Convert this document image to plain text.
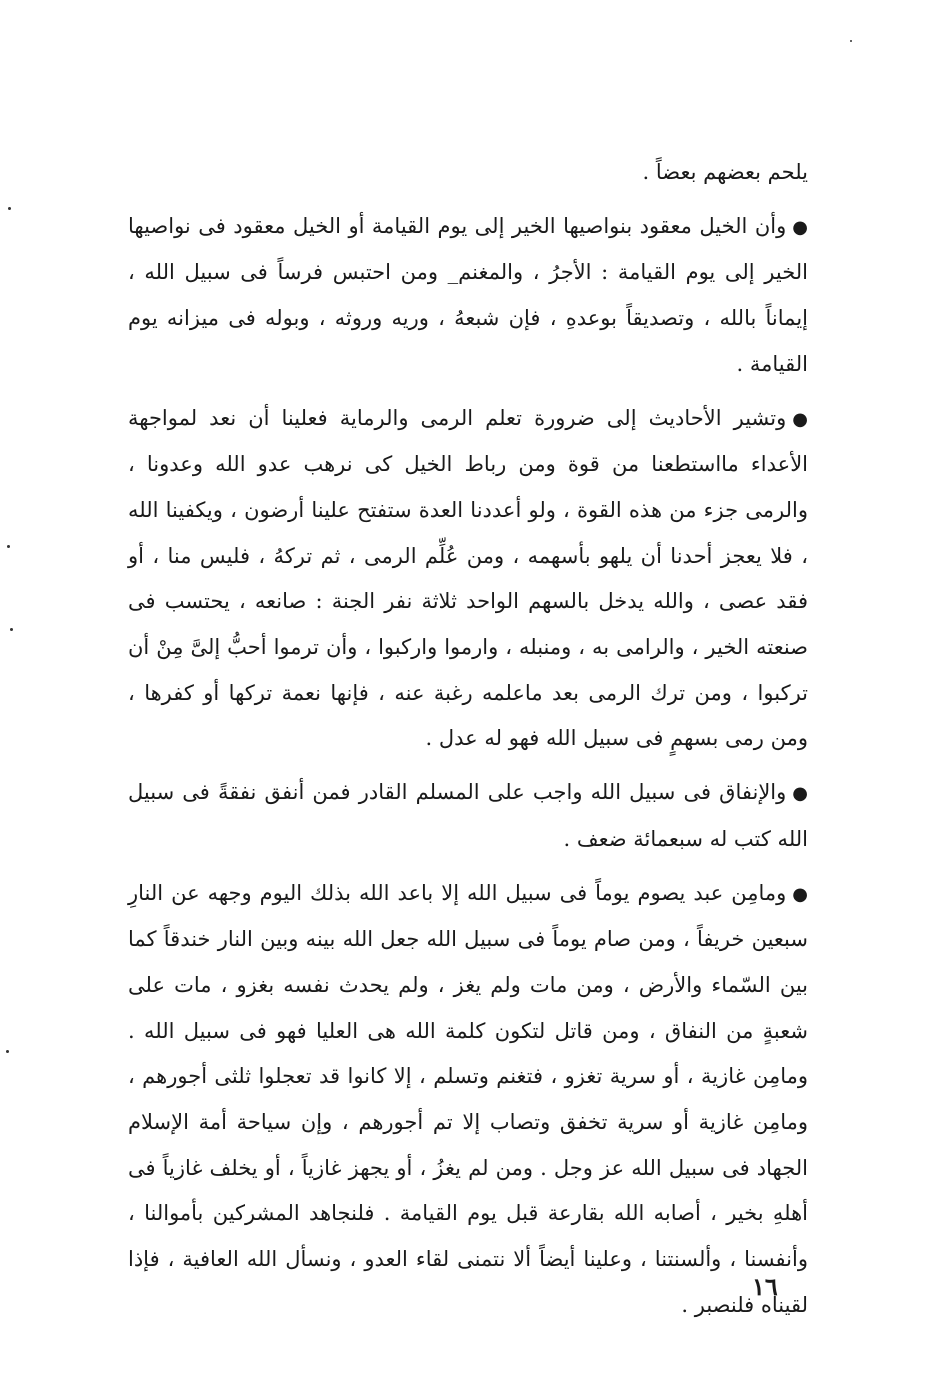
يلحم بعضهم بعضاً .

●وأن الخيل معقود بنواصيها الخير إلى يوم القيامة أو الخيل معقود فى نواصيها الخير إلى يوم القيامة : الأجرُ ، والمغنم_ ومن احتبس فرساً فى سبيل الله ، إيماناً بالله ، وتصديقاً بوعدهِ ، فإن شبعهُ ، وريه وروثه ، وبوله فى ميزانه يوم القيامة .

●وتشير الأحاديث إلى ضرورة تعلم الرمى والرماية فعلينا أن نعد لمواجهة الأعداء مااستطعنا من قوة ومن رباط الخيل كى نرهب عدو الله وعدونا ، والرمى جزء من هذه القوة ، ولو أعددنا العدة ستفتح علينا أرضون ، ويكفينا الله ، فلا يعجز أحدنا أن يلهو بأسهمه ، ومن عُلِّم الرمى ، ثم تركهُ ، فليس منا ، أو فقد عصى ، والله يدخل بالسهم الواحد ثلاثة نفر الجنة : صانعه ، يحتسب فى صنعته الخير ، والرامى به ، ومنبله ، وارموا واركبوا ، وأن ترموا أحبُّ إلىَّ مِنْ أن تركبوا ، ومن ترك الرمى بعد ماعلمه رغبة عنه ، فإنها نعمة تركها أو كفرها ، ومن رمى بسهمٍ فى سبيل الله فهو له عدل .

●والإنفاق فى سبيل الله واجب على المسلم القادر فمن أنفق نفقةً فى سبيل الله كتب له سبعمائة ضعف .

●ومامِن عبد يصوم يوماً فى سبيل الله إلا باعد الله بذلك اليوم وجهه عن النارِ سبعين خريفاً ، ومن صام يوماً فى سبيل الله جعل الله بينه وبين النار خندقاً كما بين السّماء والأرض ، ومن مات ولم يغز ، ولم يحدث نفسه بغزو ، مات على شعبةٍ من النفاق ، ومن قاتل لتكون كلمة الله هى العليا فهو فى سبيل الله . ومامِن غازية ، أو سرية تغزو ، فتغنم وتسلم ، إلا كانوا قد تعجلوا ثلثى أجورهم ، ومامِن غازية أو سرية تخفق وتصاب إلا تم أجورهم ، وإن سياحة أمة الإسلام الجهاد فى سبيل الله عز وجل . ومن لم يغزُ ، أو يجهز غازياً ، أو يخلف غازياً فى أهلهِ بخير ، أصابه الله بقارعة قبل يوم القيامة . فلنجاهد المشركين بأموالنا ، وأنفسنا ، وألسنتنا ، وعلينا أيضاً ألا نتمنى لقاء العدو ، ونسأل الله العافية ، فإذا لقيناه فلنصبر .

١٦
